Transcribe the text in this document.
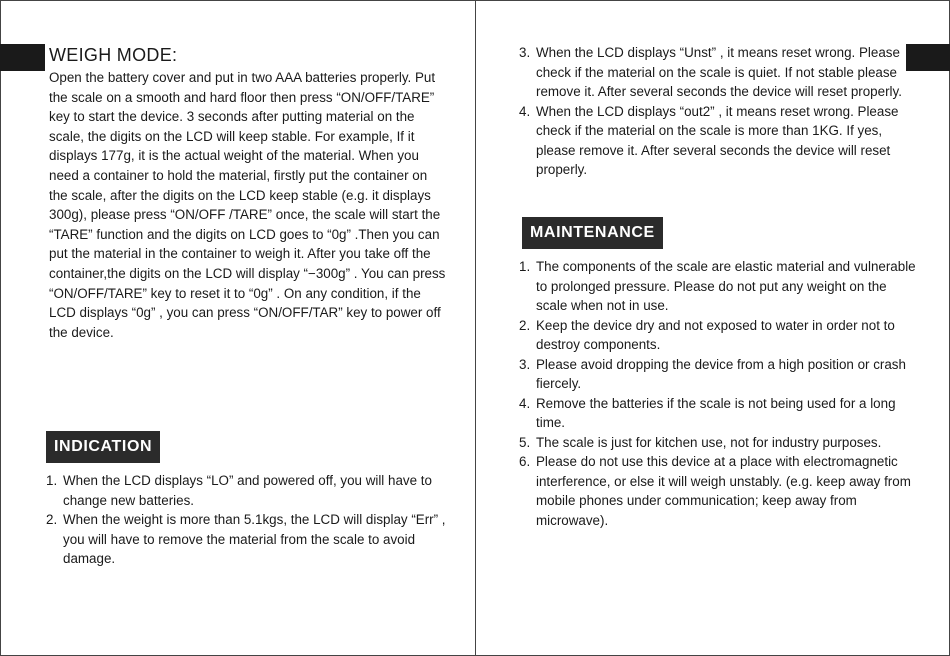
WEIGH MODE:

Open the battery cover and put in two AAA batteries properly. Put the scale on a smooth and hard floor then press “ON/OFF/TARE” key to start the device. 3 seconds after putting material on the scale, the digits on the LCD will keep stable. For example, If it displays 177g, it is the actual weight of the material. When you need a container to hold the material, firstly put the container on the scale, after the digits on the LCD keep stable (e.g. it displays 300g), please press “ON/OFF /TARE” once, the scale will start the “TARE” function and the digits on LCD goes to “0g” .Then you can put the material in the container to weigh it. After you take off the container,the digits on the LCD will display “−300g” . You can press “ON/OFF/TARE” key to reset it to “0g” . On any condition, if the LCD displays “0g” , you can press “ON/OFF/TAR” key to power off the device.

INDICATION
1. When the LCD displays “LO” and powered off, you will have to change new batteries.
2. When the weight is more than 5.1kgs, the LCD will display “Err” , you will have to remove the material from the scale to avoid damage.
3. When the LCD displays “Unst” , it means reset wrong. Please check if the material on the scale is quiet. If not stable please remove it. After several seconds the device will reset properly.
4. When the LCD displays “out2” , it means reset wrong. Please check if the material on the scale is more than 1KG. If yes, please remove it. After several seconds the device will reset properly.
MAINTENANCE
1. The components of the scale are elastic material and vulnerable to prolonged pressure. Please do not put any weight on the scale when not in use.
2. Keep the device dry and not exposed to water in order not to destroy components.
3. Please avoid dropping the device from a high position or crash fiercely.
4. Remove the batteries if the scale is not being used for a long time.
5. The scale is just for kitchen use, not for industry purposes.
6. Please do not use this device at a place with electromagnetic interference, or else it will weigh unstably. (e.g. keep away from mobile phones under communication; keep away from microwave).
